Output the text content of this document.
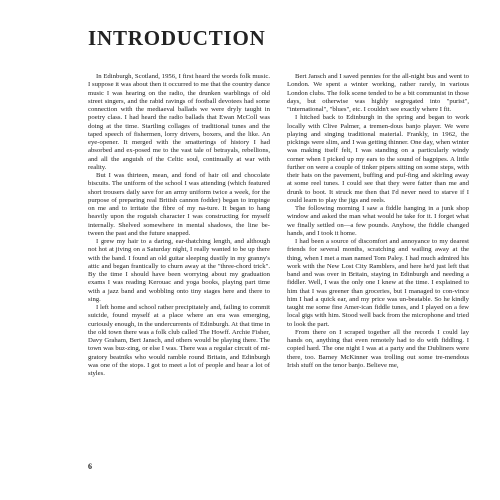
INTRODUCTION

In Edinburgh, Scotland, 1956, I first heard the words folk music. I suppose it was about then it occurred to me that the country dance music I was hearing on the radio, the drunken warblings of old street singers, and the rabid ravings of football devotees had some connection with the mediaeval ballads we were dryly taught in poetry class. I had heard the radio ballads that Ewan McColl was doing at the time. Startling collages of traditional tunes and the taped speech of fishermen, lorry drivers, boxers, and the like. An eye-opener. It merged with the smatterings of history I had absorbed and ex-posed me to the vast tale of betrayals, rebellions, and all the anguish of the Celtic soul, continually at war with reality.

But I was thirteen, mean, and fond of hair oil and chocolate biscuits. The uniform of the school I was attending (which featured short trousers daily save for an army uniform twice a week, for the purpose of preparing real British cannon fodder) began to impinge on me and to irritate the fibre of my na-ture. It began to hang heavily upon the roguish character I was constructing for myself internally. Shelved somewhere in mental shadows, the line be-tween the past and the future snapped.

I grew my hair to a daring, ear-thatching length, and although not hot at jiving on a Saturday night, I really wanted to be up there with the band. I found an old guitar sleeping dustily in my granny's attic and began frantically to churn away at the "three-chord trick". By the time I should have been worrying about my graduation exams I was reading Kerouac and yoga books, playing part time with a jazz band and wobbling onto tiny stages here and there to sing.

I left home and school rather precipitately and, failing to commit suicide, found myself at a place where an era was emerging, curiously enough, in the undercurrents of Edinburgh. At that time in the old town there was a folk club called The Howff. Archie Fisher, Davy Graham, Bert Jansch, and others would be playing there. The town was buz-zing, or else I was. There was a regular circuit of mi-gratory beatniks who would ramble round Britain, and Edinburgh was one of the stops. I got to meet a lot of people and hear a lot of styles.

Bert Jansch and I saved pennies for the all-night bus and went to London. We spent a winter working, rather rarely, in various London clubs. The folk scene tended to be a bit communist in those days, but otherwise was highly segregated into "purist", "international", "blues", etc. I couldn't see exactly where I fit.

I hitched back to Edinburgh in the spring and began to work locally with Clive Palmer, a tremen-dous banjo player. We were playing and singing traditional material. Frankly, in 1962, the pickings were slim, and I was getting thinner. One day, when winter was making itself felt, I was standing on a particularly windy corner when I picked up my ears to the sound of bagpipes. A little further on were a couple of tinker pipers sitting on some steps, with their hats on the pavement, buffing and puf-fing and skirling away at some reel tunes. I could see that they were fatter than me and drunk to boot. It struck me then that I'd never need to starve if I could learn to play the jigs and reels.

The following morning I saw a fiddle hanging in a junk shop window and asked the man what would he take for it. I forget what we finally settled on—a few pounds. Anyhow, the fiddle changed hands, and I took it home.

I had been a source of discomfort and annoyance to my dearest friends for several months, scratching and wailing away at the thing, when I met a man named Tom Paley. I had much admired his work with the New Lost City Ramblers, and here he'd just left that band and was over in Britain, staying in Edinburgh and needing a fiddler. Well, I was the only one I knew at the time. I explained to him that I was greener than groceries, but I managed to con-vince him I had a quick ear, and my price was un-beatable. So he kindly taught me some fine Amer-ican fiddle tunes, and I played on a few local gigs with him. Stood well back from the microphone and tried to look the part.

From there on I scraped together all the records I could lay hands on, anything that even remotely had to do with fiddling. I copied hard. The one night I was at a party and the Dubliners were there, too. Barney McKinner was trolling out some tre-mendous Irish stuff on the tenor banjo. Believe me,

6
